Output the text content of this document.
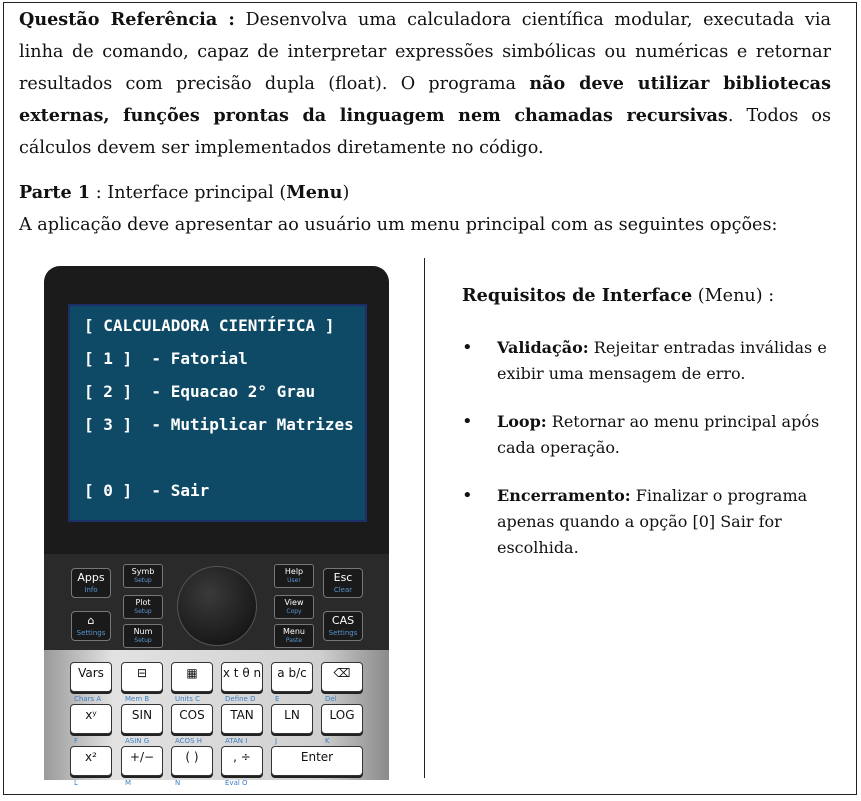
Questão Referência : Desenvolva uma calculadora científica modular, executada via linha de comando, capaz de interpretar expressões simbólicas ou numéricas e retornar resultados com precisão dupla (float). O programa não deve utilizar bibliotecas externas, funções prontas da linguagem nem chamadas recursivas. Todos os cálculos devem ser implementados diretamente no código.

Parte 1 : Interface principal (Menu)

A aplicação deve apresentar ao usuário um menu principal com as seguintes opções:

[ CALCULADORA CIENTÍFICA ]
[ 1 ]  - Fatorial
[ 2 ]  - Equacao 2° Grau
[ 3 ]  - Mutiplicar Matrizes
[ 0 ]  - Sair
Apps
Info
Symb
Setup
Help
User	Esc
Clear
⌂
Settings
Plot
Setup
View
Copy
CAS
Settings
Num
Setup
Menu
Paste
Vars
Chars A
⊟
Mem B
▦
Units C
x t θ n
Define D
a b/c
E
⌫
Del
xʸ
F
SIN
ASIN G
COS
ACOS H
TAN
ATAN I
LN
J
LOG
K
x²
L
+/−
M
( )
N
, ÷
Eval O
Enter

Requisitos de Interface (Menu) :

• Validação: Rejeitar entradas inválidas e exibir uma mensagem de erro.
• Loop: Retornar ao menu principal após cada operação.
• Encerramento: Finalizar o programa apenas quando a opção [0] Sair for escolhida.
